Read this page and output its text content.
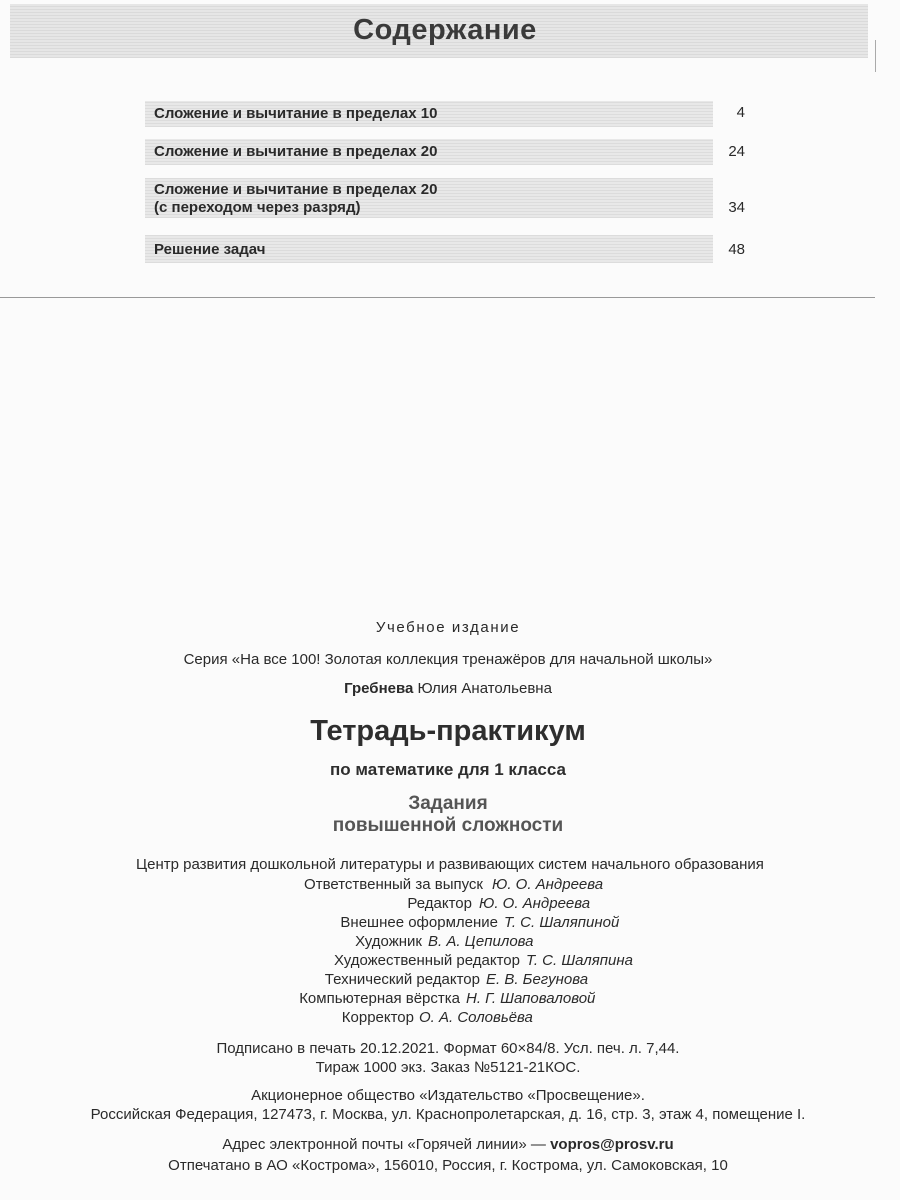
Содержание
Сложение и вычитание в пределах 10	4
Сложение и вычитание в пределах 20	24
Сложение и вычитание в пределах 20
(с переходом через разряд)	34
Решение задач	48
Учебное издание
Серия «На все 100! Золотая коллекция тренажёров для начальной школы»
Гребнева Юлия Анатольевна
Тетрадь-практикум
по математике для 1 класса
Задания
повышенной сложности
Центр развития дошкольной литературы и развивающих систем начального образования
Ответственный за выпуск Ю. О. Андреева
Редактор Ю. О. Андреева
Внешнее оформление Т. С. Шаляпиной
Художник В. А. Цепилова
Художественный редактор Т. С. Шаляпина
Технический редактор Е. В. Бегунова
Компьютерная вёрстка Н. Г. Шаповаловой
Корректор О. А. Соловьёва
Подписано в печать 20.12.2021. Формат 60×84/8. Усл. печ. л. 7,44.
Тираж 1000 экз. Заказ №5121-21КОС.
Акционерное общество «Издательство «Просвещение».
Российская Федерация, 127473, г. Москва, ул. Краснопролетарская, д. 16, стр. 3, этаж 4, помещение I.
Адрес электронной почты «Горячей линии» — vopros@prosv.ru
Отпечатано в АО «Кострома», 156010, Россия, г. Кострома, ул. Самоковская, 10
